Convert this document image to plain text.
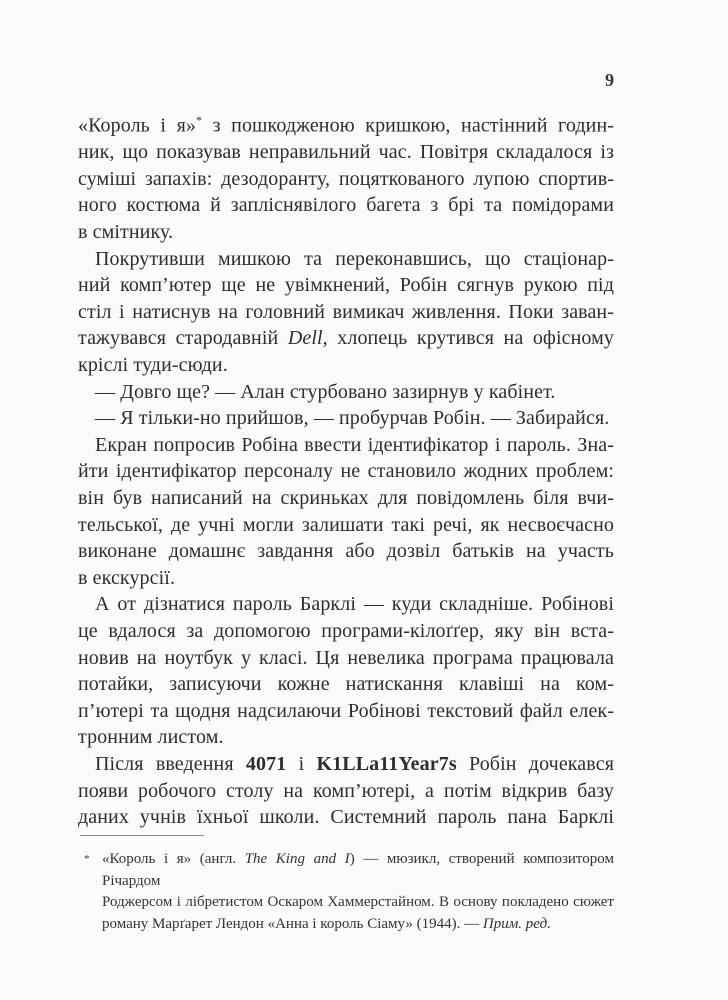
9
«Король і я»* з пошкодженою кришкою, настінний годин-
ник, що показував неправильний час. Повітря складалося із
суміші запахів: дезодоранту, поцяткованого лупою спортив-
ного костюма й запліснявілого багета з брі та помідорами
в смітнику.
Покрутивши мишкою та переконавшись, що стаціонар-
ний комп’ютер ще не увімкнений, Робін сягнув рукою під
стіл і натиснув на головний вимикач живлення. Поки заван-
тажувався стародавній Dell, хлопець крутився на офісному
кріслі туди-сюди.
— Довго ще? — Алан стурбовано зазирнув у кабінет.
— Я тільки-но прийшов, — пробурчав Робін. — Забирайся.
Екран попросив Робіна ввести ідентифікатор і пароль. Зна-
йти ідентифікатор персоналу не становило жодних проблем:
він був написаний на скриньках для повідомлень біля вчи-
тельської, де учні могли залишати такі речі, як несвоєчасно
виконане домашнє завдання або дозвіл батьків на участь
в екскурсії.
А от дізнатися пароль Барклі — куди складніше. Робінові
це вдалося за допомогою програми-кілоґґер, яку він вста-
новив на ноутбук у класі. Ця невелика програма працювала
потайки, записуючи кожне натискання клавіші на ком-
п’ютері та щодня надсилаючи Робінові текстовий файл елек-
тронним листом.
Після введення 4071 і K1LLa11Year7s Робін дочекався
появи робочого столу на комп’ютері, а потім відкрив базу
даних учнів їхньої школи. Системний пароль пана Барклі
* «Король і я» (англ. The King and I) — мюзикл, створений композитором Річардом
Роджерсом і лібретистом Оскаром Хаммерстайном. В основу покладено сюжет
роману Марґарет Лендон «Анна і король Сіаму» (1944). — Прим. ред.
